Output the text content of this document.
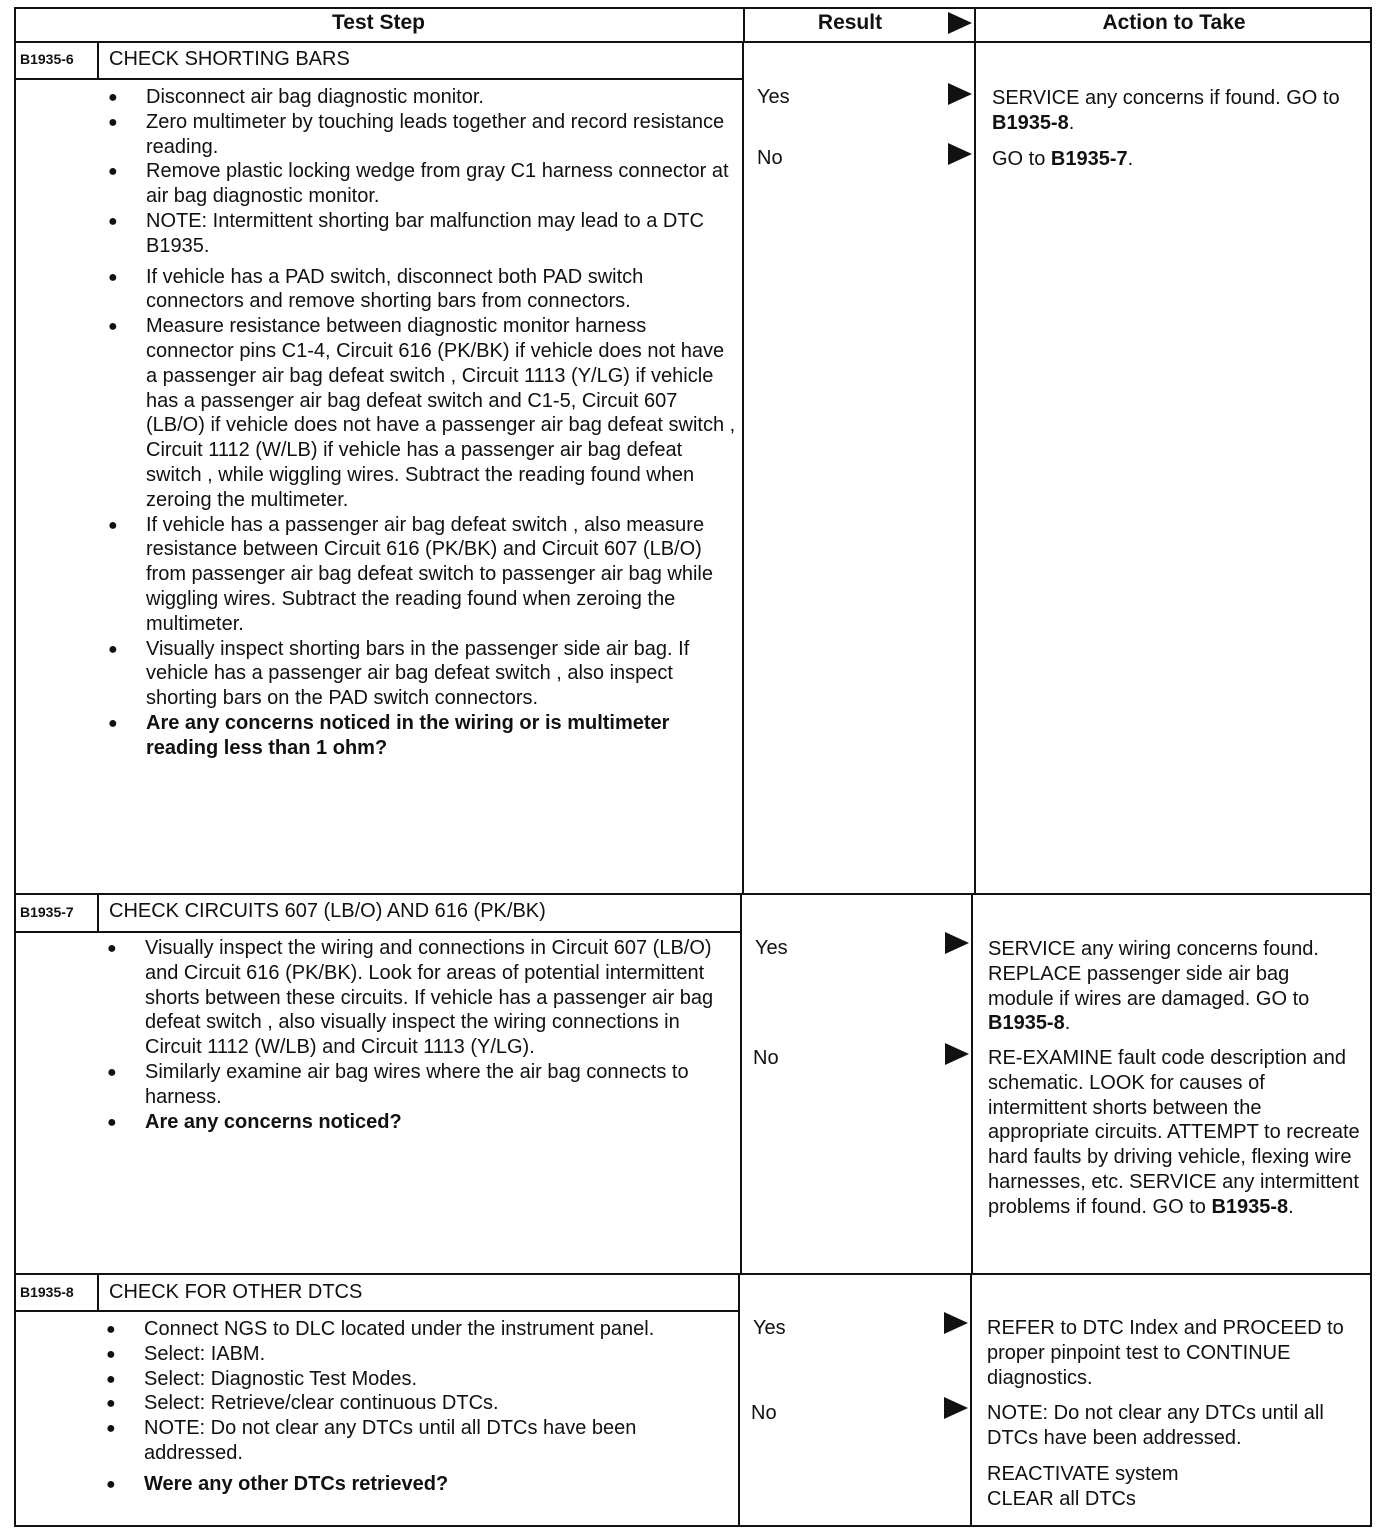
Test Step	Result	Action to Take
B1935-6 CHECK SHORTING BARS
● Disconnect air bag diagnostic monitor.
● Zero multimeter by touching leads together and record resistance reading.
● Remove plastic locking wedge from gray C1 harness connector at air bag diagnostic monitor.
● NOTE: Intermittent shorting bar malfunction may lead to a DTC B1935.
● If vehicle has a PAD switch, disconnect both PAD switch connectors and remove shorting bars from connectors.
● Measure resistance between diagnostic monitor harness connector pins C1-4, Circuit 616 (PK/BK) if vehicle does not have a passenger air bag defeat switch , Circuit 1113 (Y/LG) if vehicle has a passenger air bag defeat switch and C1-5, Circuit 607 (LB/O) if vehicle does not have a passenger air bag defeat switch , Circuit 1112 (W/LB) if vehicle has a passenger air bag defeat switch , while wiggling wires. Subtract the reading found when zeroing the multimeter.
● If vehicle has a passenger air bag defeat switch , also measure resistance between Circuit 616 (PK/BK) and Circuit 607 (LB/O) from passenger air bag defeat switch to passenger air bag while wiggling wires. Subtract the reading found when zeroing the multimeter.
● Visually inspect shorting bars in the passenger side air bag. If vehicle has a passenger air bag defeat switch , also inspect shorting bars on the PAD switch connectors.
● Are any concerns noticed in the wiring or is multimeter reading less than 1 ohm?
Yes
No
SERVICE any concerns if found. GO to B1935-8.
GO to B1935-7.
B1935-7 CHECK CIRCUITS 607 (LB/O) AND 616 (PK/BK)
● Visually inspect the wiring and connections in Circuit 607 (LB/O) and Circuit 616 (PK/BK). Look for areas of potential intermittent shorts between these circuits. If vehicle has a passenger air bag defeat switch , also visually inspect the wiring connections in Circuit 1112 (W/LB) and Circuit 1113 (Y/LG).
● Similarly examine air bag wires where the air bag connects to harness.
● Are any concerns noticed?
Yes
No
SERVICE any wiring concerns found. REPLACE passenger side air bag module if wires are damaged. GO to B1935-8.
RE-EXAMINE fault code description and schematic. LOOK for causes of intermittent shorts between the appropriate circuits. ATTEMPT to recreate hard faults by driving vehicle, flexing wire harnesses, etc. SERVICE any intermittent problems if found. GO to B1935-8.
B1935-8 CHECK FOR OTHER DTCS
● Connect NGS to DLC located under the instrument panel.
● Select: IABM.
● Select: Diagnostic Test Modes.
● Select: Retrieve/clear continuous DTCs.
● NOTE: Do not clear any DTCs until all DTCs have been addressed.
● Were any other DTCs retrieved?
Yes
No
REFER to DTC Index and PROCEED to proper pinpoint test to CONTINUE diagnostics.
NOTE: Do not clear any DTCs until all DTCs have been addressed.
REACTIVATE system CLEAR all DTCs
